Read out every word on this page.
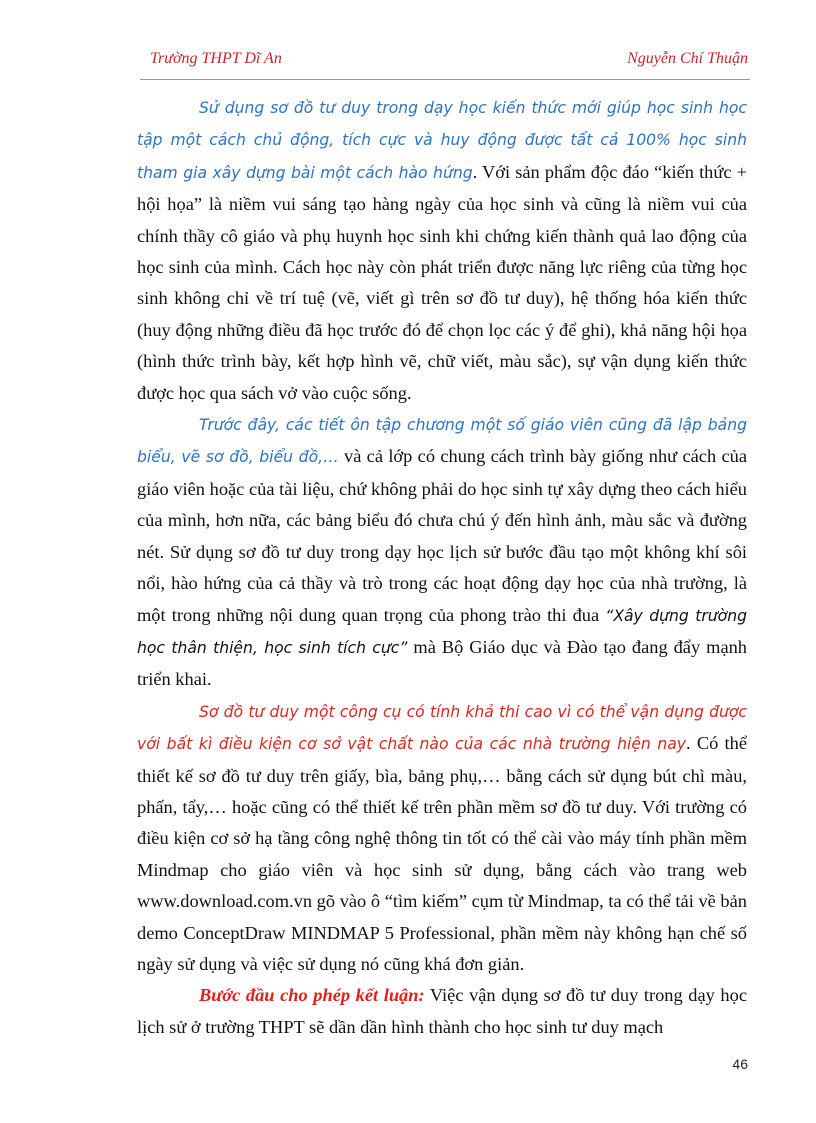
Trường THPT Dĩ An	Nguyễn Chí Thuận

Sử dụng sơ đồ tư duy trong dạy học kiến thức mới giúp học sinh học tập một cách chủ động, tích cực và huy động được tất cả 100% học sinh tham gia xây dựng bài một cách hào hứng. Với sản phẩm độc đáo “kiến thức + hội họa” là niềm vui sáng tạo hàng ngày của học sinh và cũng là niềm vui của chính thầy cô giáo và phụ huynh học sinh khi chứng kiến thành quả lao động của học sinh của mình. Cách học này còn phát triển được năng lực riêng của từng học sinh không chỉ về trí tuệ (vẽ, viết gì trên sơ đồ tư duy), hệ thống hóa kiến thức (huy động những điều đã học trước đó để chọn lọc các ý để ghi), khả năng hội họa (hình thức trình bày, kết hợp hình vẽ, chữ viết, màu sắc), sự vận dụng kiến thức được học qua sách vở vào cuộc sống.

Trước đây, các tiết ôn tập chương một số giáo viên cũng đã lập bảng biểu, vẽ sơ đồ, biểu đồ,… và cả lớp có chung cách trình bày giống như cách của giáo viên hoặc của tài liệu, chứ không phải do học sinh tự xây dựng theo cách hiểu của mình, hơn nữa, các bảng biểu đó chưa chú ý đến hình ảnh, màu sắc và đường nét. Sử dụng sơ đồ tư duy trong dạy học lịch sử bước đầu tạo một không khí sôi nổi, hào hứng của cả thầy và trò trong các hoạt động dạy học của nhà trường, là một trong những nội dung quan trọng của phong trào thi đua “Xây dựng trường học thân thiện, học sinh tích cực” mà Bộ Giáo dục và Đào tạo đang đẩy mạnh triển khai.

Sơ đồ tư duy một công cụ có tính khả thi cao vì có thể vận dụng được với bất kì điều kiện cơ sở vật chất nào của các nhà trường hiện nay. Có thể thiết kế sơ đồ tư duy trên giấy, bìa, bảng phụ,… bằng cách sử dụng bút chì màu, phấn, tẩy,… hoặc cũng có thể thiết kế trên phần mềm sơ đồ tư duy. Với trường có điều kiện cơ sở hạ tầng công nghệ thông tin tốt có thể cài vào máy tính phần mềm Mindmap cho giáo viên và học sinh sử dụng, bằng cách vào trang web www.download.com.vn gõ vào ô “tìm kiếm” cụm từ Mindmap, ta có thể tải về bản demo ConceptDraw MINDMAP 5 Professional, phần mềm này không hạn chế số ngày sử dụng và việc sử dụng nó cũng khá đơn giản.

Bước đầu cho phép kết luận: Việc vận dụng sơ đồ tư duy trong dạy học lịch sử ở trường THPT sẽ dần dần hình thành cho học sinh tư duy mạch

46
